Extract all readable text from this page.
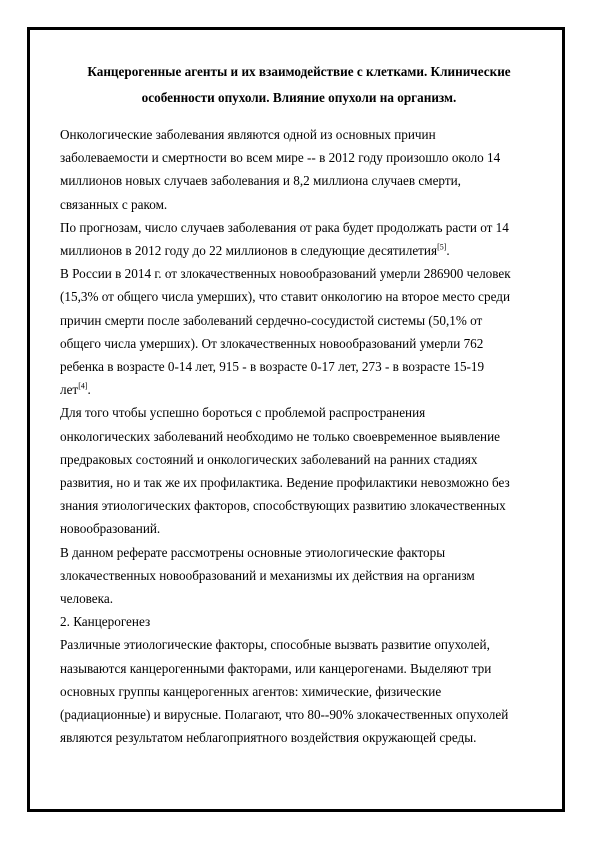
Канцерогенные агенты и их взаимодействие с клетками. Клинические
особенности опухоли. Влияние опухоли на организм.
Онкологические заболевания являются одной из основных причин
заболеваемости и смертности во всем мире -- в 2012 году произошло около 14
миллионов новых случаев заболевания и 8,2 миллиона случаев смерти,
связанных с раком.
По прогнозам, число случаев заболевания от рака будет продолжать расти от 14
миллионов в 2012 году до 22 миллионов в следующие десятилетия[5].
В России в 2014 г. от злокачественных новообразований умерли 286900 человек
(15,3% от общего числа умерших), что ставит онкологию на второе место среди
причин смерти после заболеваний сердечно-сосудистой системы (50,1% от
общего числа умерших). От злокачественных новообразований умерли 762
ребенка в возрасте 0-14 лет, 915 - в возрасте 0-17 лет, 273 - в возрасте 15-19
лет[4].
Для того чтобы успешно бороться с проблемой распространения
онкологических заболеваний необходимо не только своевременное выявление
предраковых состояний и онкологических заболеваний на ранних стадиях
развития, но и так же их профилактика. Ведение профилактики невозможно без
знания этиологических факторов, способствующих развитию злокачественных
новообразований.
В данном реферате рассмотрены основные этиологические факторы
злокачественных новообразований и механизмы их действия на организм
человека.
2. Канцерогенез
Различные этиологические факторы, способные вызвать развитие опухолей,
называются канцерогенными факторами, или канцерогенами. Выделяют три
основных группы канцерогенных агентов: химические, физические
(радиационные) и вирусные. Полагают, что 80--90% злокачественных опухолей
являются результатом неблагоприятного воздействия окружающей среды.
